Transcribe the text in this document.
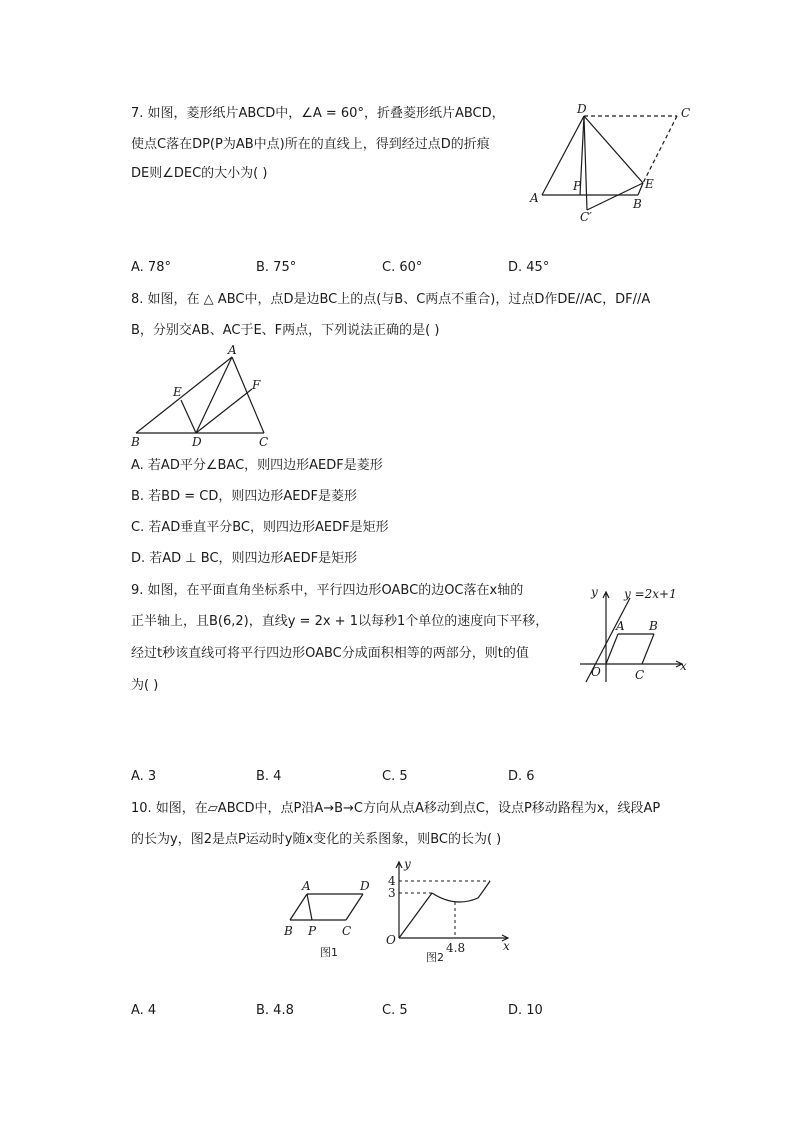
7. 如图，菱形纸片ABCD中，∠A = 60°，折叠菱形纸片ABCD，
使点C落在DP(P为AB中点)所在的直线上，得到经过点D的折痕
DE则∠DEC的大小为( )
D	C
A
P	E
B
C′
A. 78°	B. 75°	C. 60°	D. 45°
8. 如图，在 △ ABC中，点D是边BC上的点(与B、C两点不重合)，过点D作DE//AC，DF//A
B，分别交AB、AC于E、F两点，下列说法正确的是( )
A
E	F
B	D	C
A. 若AD平分∠BAC，则四边形AEDF是菱形
B. 若BD = CD，则四边形AEDF是菱形
C. 若AD垂直平分BC，则四边形AEDF是矩形
D. 若AD ⊥ BC，则四边形AEDF是矩形
9. 如图，在平面直角坐标系中，平行四边形OABC的边OC落在x轴的
正半轴上，且B(6,2)，直线y = 2x + 1以每秒1个单位的速度向下平移，
经过t秒该直线可将平行四边形OABC分成面积相等的两部分，则t的值
为( )
y y =2x+1
A B
O	C
x
A. 3	B. 4	C. 5	D. 6
10. 如图，在▱ABCD中，点P沿A→B→C方向从点A移动到点C，设点P移动路程为x，线段AP
的长为y，图2是点P运动时y随x变化的关系图象，则BC的长为( )
A	D
B P C
图1
y
4
3
O
4.8	x
图2
A. 4	B. 4.8	C. 5	D. 10
